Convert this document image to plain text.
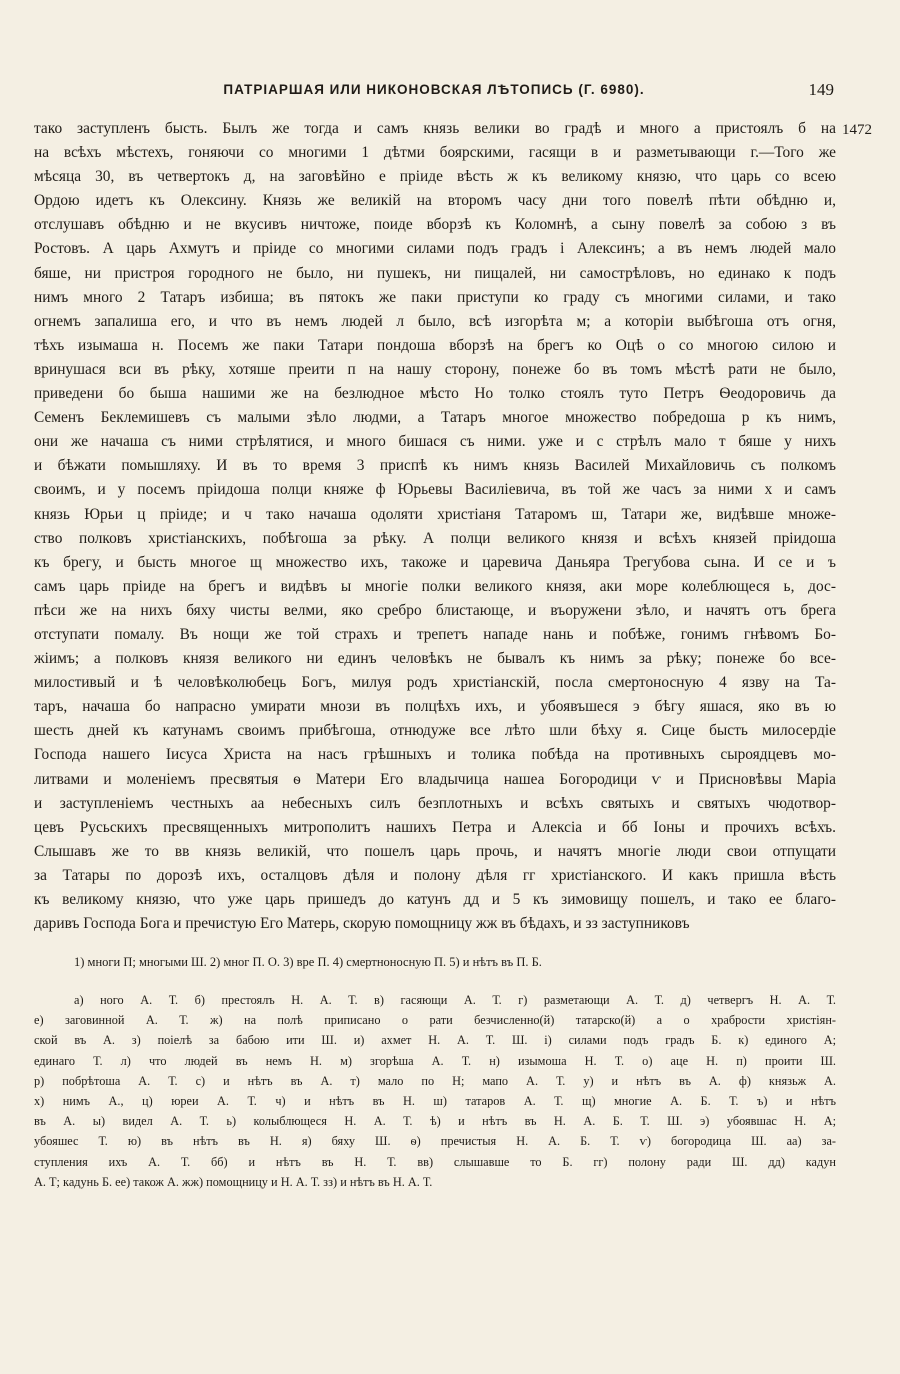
ПАТРІАРШАЯ ИЛИ НИКОНОВСКАЯ ЛѢТОПИСЬ (Г. 6980).	149
1472
тако заступленъ бысть. Былъ же тогда и самъ князь велики во градѣ и много а пристоялъ б на
на всѣхъ мѣстехъ, гоняючи со многими 1 дѣтми боярскими, гасящи в и разметывающи г.—Того же
мѣсяца 30, въ четвертокъ д, на заговѣйно е пріиде вѣсть ж къ великому князю, что царь со всею
Ордою идетъ къ Олексину. Князь же великій на второмъ часу дни того повелѣ пѣти обѣдню и,
отслушавъ обѣдню и не вкусивъ ничтоже, поиде вборзѣ къ Коломнѣ, а сыну повелѣ за собою з въ
Ростовъ. А царь Ахмутъ и пріиде со многими силами подъ градъ і Алексинъ; а въ немъ людей мало
бяше, ни пристроя городного не было, ни пушекъ, ни пищалей, ни самострѣловъ, но единако к подъ
нимъ много 2 Татаръ избиша; въ пятокъ же паки приступи ко граду съ многими силами, и тако
огнемъ запалиша его, и что въ немъ людей л было, всѣ изгорѣта м; а которіи выбѣгоша отъ огня,
тѣхъ изымаша н. Посемъ же паки Татари пондоша вборзѣ на брегъ ко Оцѣ о со многою силою и
вринушася вси въ рѣку, хотяше преити п на нашу сторону, понеже бо въ томъ мѣстѣ рати не было,
приведени бо быша нашими же на безлюдное мѣсто Но толко стоялъ туто Петръ Ѳеодоровичь да
Семенъ Беклемишевъ съ малыми зѣло людми, а Татаръ многое множество побредоша р къ нимъ,
они же начаша съ ними стрѣлятися, и много бишася съ ними. уже и с стрѣлъ мало т бяше у нихъ
и бѣжати помышляху. И въ то время 3 приспѣ къ нимъ князь Василей Михайловичь съ полкомъ
своимъ, и у посемъ пріидоша полци княже ф Юрьевы Василіевича, въ той же часъ за ними х и самъ
князь Юрьи ц пріиде; и ч тако начаша одоляти христіаня Татаромъ ш, Татари же, видѣвше множе-
ство полковъ христіанскихъ, побѣгоша за рѣку. А полци великого князя и всѣхъ князей пріидоша
къ брегу, и бысть многое щ множество ихъ, такоже и царевича Даньяра Трегубова сына. И се и ъ
самъ царь пріиде на брегъ и видѣвъ ы многіе полки великого князя, аки море колеблющеся ь, дос-
пѣси же на нихъ бяху чисты велми, яко сребро блистающе, и въоружени зѣло, и начятъ отъ брега
отступати помалу. Въ нощи же той страхъ и трепетъ нападе нань и побѣже, гонимъ гнѣвомъ Бо-
жіимъ; а полковъ князя великого ни единъ человѣкъ не бывалъ къ нимъ за рѣку; понеже бо все-
милостивый и ѣ человѣколюбець Богъ, милуя родъ христіанскій, посла смертоносную 4 язву на Та-
таръ, начаша бо напрасно умирати мнози въ полцѣхъ ихъ, и убоявъшеся э бѣгу яшася, яко въ ю
шесть дней къ катунамъ своимъ прибѣгоша, отнюдуже все лѣто шли бѣху я. Сице бысть милосердіе
Господа нашего Іисуса Христа на насъ грѣшныхъ и толика побѣда на противныхъ сыроядцевъ мо-
литвами и моленіемъ пресвятыя ѳ Матери Его владычица нашеа Богородици ѵ и Присновѣвы Марiа
и заступленіемъ честныхъ аа небесныхъ силъ безплотныхъ и всѣхъ святыхъ и святыхъ чюдотвор-
цевъ Русьскихъ пресвященныхъ митрополитъ нашихъ Петра и Алексia и бб Іоны и прочихъ всѣхъ.
Слышавъ же то вв князь великій, что пошелъ царь прочь, и начятъ многіе люди свои отпущати
за Татары по дорозѣ ихъ, осталцовъ дѣля и полону дѣля гг христіанского. И какъ пришла вѣсть
къ великому князю, что уже царь пришедъ до катунъ дд и 5 къ зимовищу пошелъ, и тако ее благо-
даривъ Господа Бога и пречистую Его Матерь, скорую помощницу жж въ бѣдахъ, и зз заступниковъ
1) многи П; многыми Ш. 2) мног П. О. 3) вре П. 4) смертноносную П. 5) и нѣтъ въ П. Б.
а) ного А. Т. б) престоялъ Н. А. Т. в) гасяющи А. Т. г) разметающи А. Т. д) четвергъ Н. А. Т.
е) заговинной А. Т. ж) на полѣ приписано о рати безчисленно(й) татарско(й) а о храбрости христіян-
ской въ А. з) поіелѣ за бабою ити Ш. и) ахмет Н. А. Т. Ш. і) силами подъ градъ Б. к) единого А;
единаго Т. л) что людей въ немъ Н. м) згорѣша А. Т. н) изымоша Н. Т. о) аце Н. п) проити Ш.
р) побрѣтоша А. Т. с) и нѣтъ въ А. т) мало по Н; мапо А. Т. у) и нѣтъ въ А. ф) князьж А.
х) нимъ А., ц) юреи А. Т. ч) и нѣтъ въ Н. ш) татаров А. Т. щ) многие А. Б. Т. ъ) и нѣтъ
въ А. ы) видел А. Т. ь) колыблющеся Н. А. Т. ѣ) и нѣтъ въ Н. А. Б. Т. Ш. э) убоявшас Н. А;
убояшес Т. ю) въ нѣтъ въ Н. я) бяху Ш. ѳ) пречистыя Н. А. Б. Т. ѵ) богородица Ш. аа) за-
ступления ихъ А. Т. бб) и нѣтъ въ Н. Т. вв) слышавше то Б. гг) полону ради Ш. дд) кадун
А. Т; кадунь Б. ее) також А. жж) помощницу и Н. А. Т. зз) и нѣтъ въ Н. А. Т.
